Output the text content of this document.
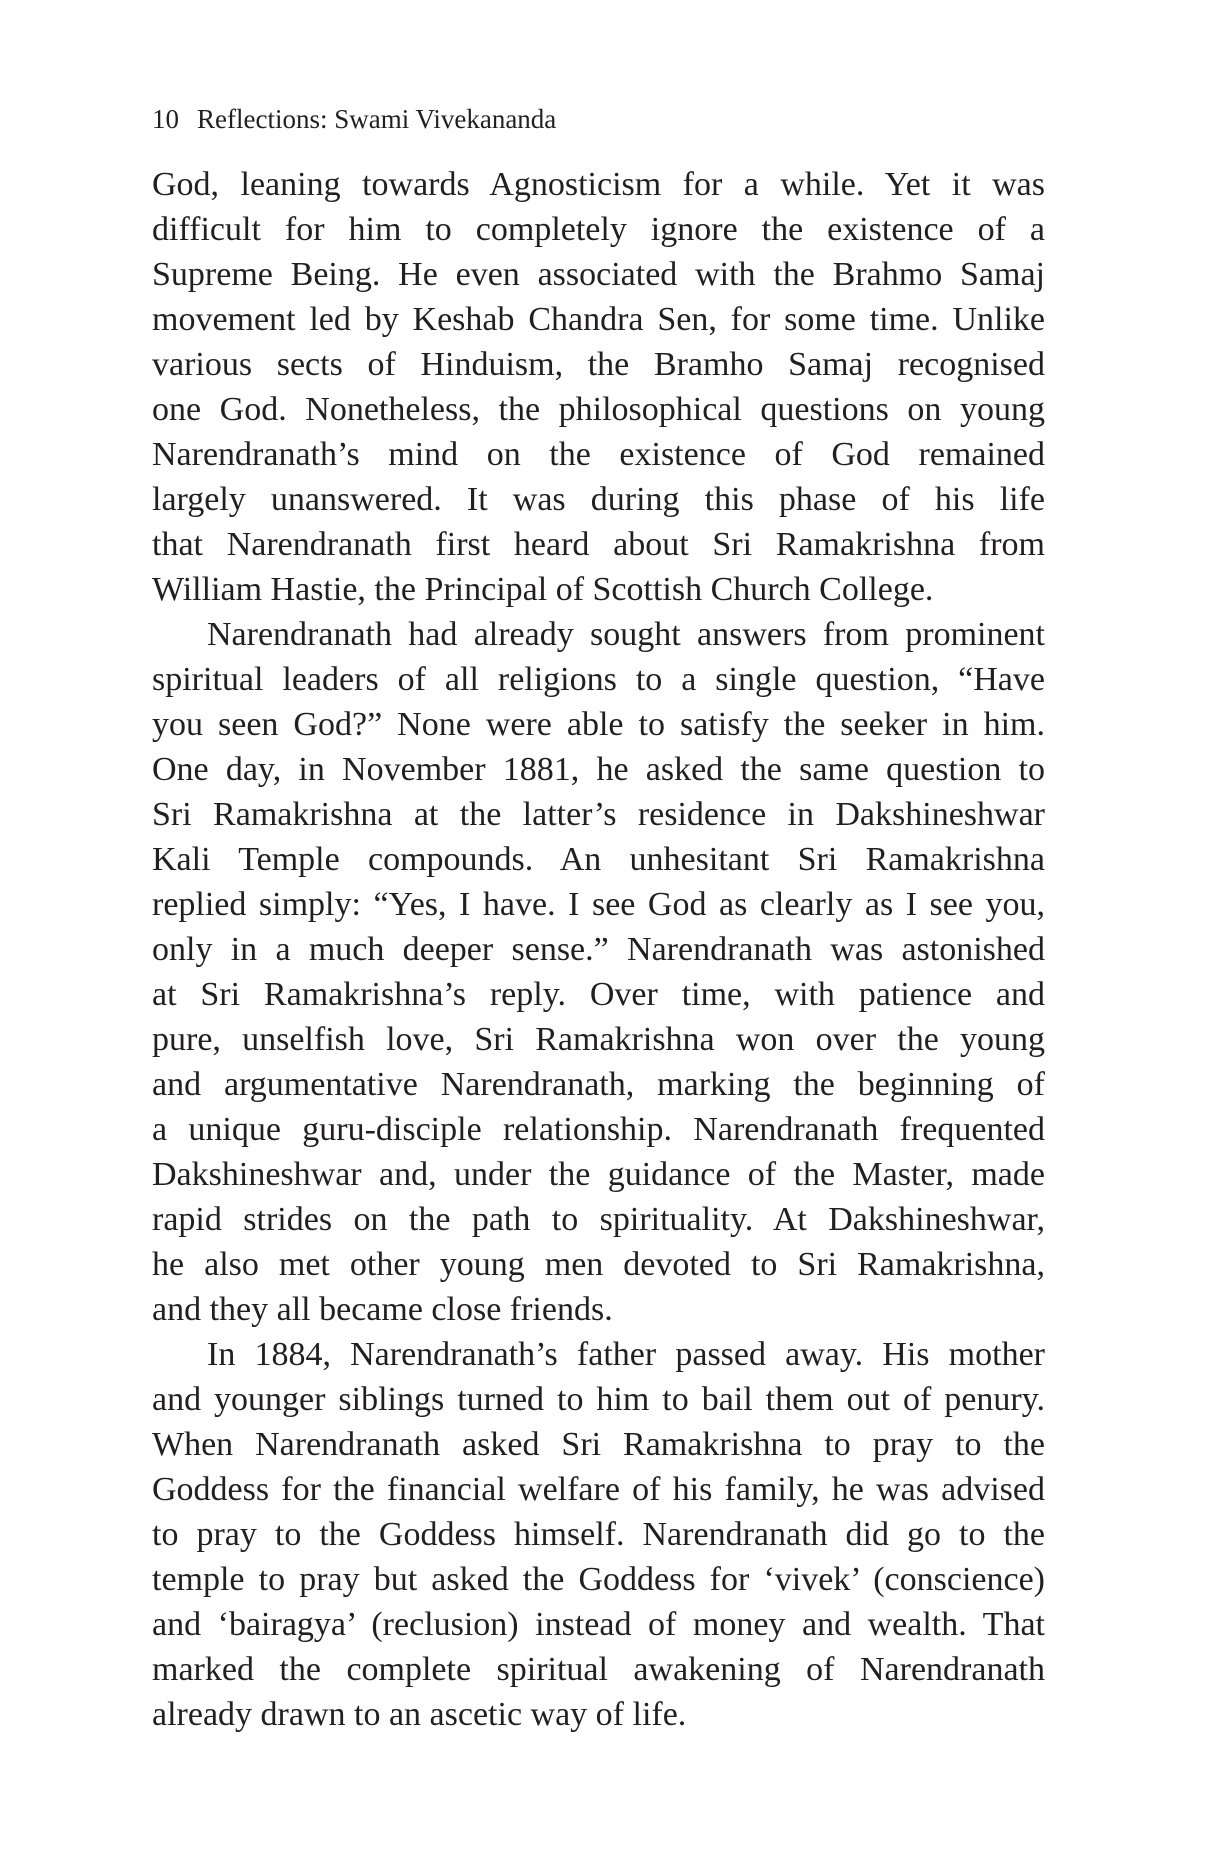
10 Reflections: Swami Vivekananda
God, leaning towards Agnosticism for a while. Yet it was
difficult for him to completely ignore the existence of a
Supreme Being. He even associated with the Brahmo Samaj
movement led by Keshab Chandra Sen, for some time. Unlike
various sects of Hinduism, the Bramho Samaj recognised
one God. Nonetheless, the philosophical questions on young
Narendranath’s mind on the existence of God remained
largely unanswered. It was during this phase of his life
that Narendranath first heard about Sri Ramakrishna from
William Hastie, the Principal of Scottish Church College.
Narendranath had already sought answers from prominent
spiritual leaders of all religions to a single question, “Have
you seen God?” None were able to satisfy the seeker in him.
One day, in November 1881, he asked the same question to
Sri Ramakrishna at the latter’s residence in Dakshineshwar
Kali Temple compounds. An unhesitant Sri Ramakrishna
replied simply: “Yes, I have. I see God as clearly as I see you,
only in a much deeper sense.” Narendranath was astonished
at Sri Ramakrishna’s reply. Over time, with patience and
pure, unselfish love, Sri Ramakrishna won over the young
and argumentative Narendranath, marking the beginning of
a unique guru-disciple relationship. Narendranath frequented
Dakshineshwar and, under the guidance of the Master, made
rapid strides on the path to spirituality. At Dakshineshwar,
he also met other young men devoted to Sri Ramakrishna,
and they all became close friends.
In 1884, Narendranath’s father passed away. His mother
and younger siblings turned to him to bail them out of penury.
When Narendranath asked Sri Ramakrishna to pray to the
Goddess for the financial welfare of his family, he was advised
to pray to the Goddess himself. Narendranath did go to the
temple to pray but asked the Goddess for ‘vivek’ (conscience)
and ‘bairagya’ (reclusion) instead of money and wealth. That
marked the complete spiritual awakening of Narendranath
already drawn to an ascetic way of life.
